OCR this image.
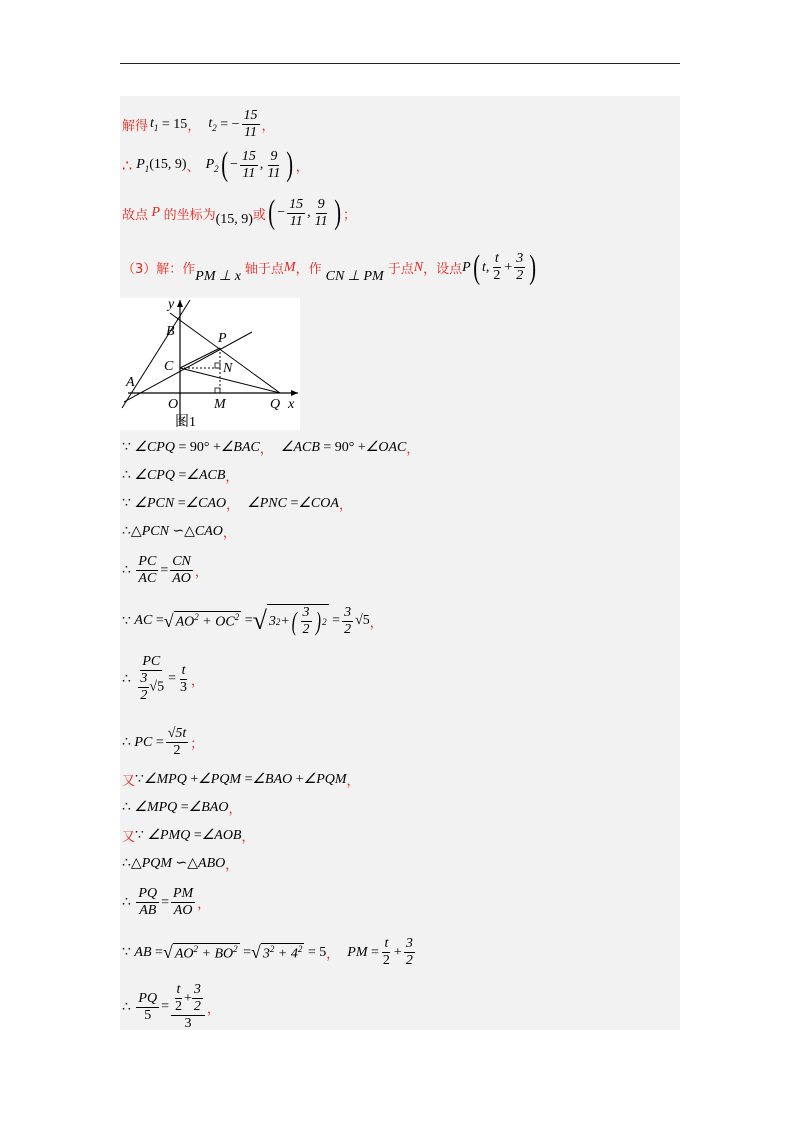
解得 $t_1 = 15$ ， $t_2$ = − $\frac{15}{11}$ ，
∴ $P_1$ (15, 9) 、 $P_2$ ( − $\frac{15}{11}$ , $\frac{9}{11}$ ) ，
故点 P 的坐标为 (15, 9) 或 ( − $\frac{15}{11}$ , $\frac{9}{11}$ ) ；
（3）解：作 PM ⊥ x 轴于点 M ，作 CN ⊥ PM 于点 N ，设点 P ( t, $\frac{t}{2} + \frac{3}{2}$ )
y
B	P
C	N
A
O	M	Q x
图1
∵ ∠CPQ = 90° + ∠BAC ， ∠ACB = 90° + ∠OAC ，
∴ ∠CPQ = ∠ACB ，
∵ ∠PCN = ∠CAO ， ∠PNC = ∠COA ，
∴△ PCN ∽△ CAO ，
∴ $\frac{PC}{AC} = \frac{CN}{AO}$ ，
∵ AC = √ $AO^2 + OC^2$ = √ 3 2 + ( $\frac{3}{2}$ ) $2 = \frac{3}{2} √5$ ，
∴ $\frac{PC}{\frac{3}{2} √5} = \frac{t}{3}$ ，
∴ PC = $\frac{√5t}{2}$ ；
又 ∵ ∠MPQ + ∠PQM = ∠BAO + ∠PQM ，
∴ ∠MPQ = ∠BAO ，
又 ∵ ∠PMQ = ∠AOB ，
∴△ PQM ∽△ ABO ，
∴ $\frac{PQ}{AB} = \frac{PM}{AO}$ ，
∵ AB = √ $AO^2 + BO^2$ = √ $3^2 + 4^2 = 5$ ， PM = $\frac{t}{2} + \frac{3}{2}$
∴ $\frac{PQ}{5} = \frac{\frac{t}{2} + \frac{3}{2}}{3}$ ，
